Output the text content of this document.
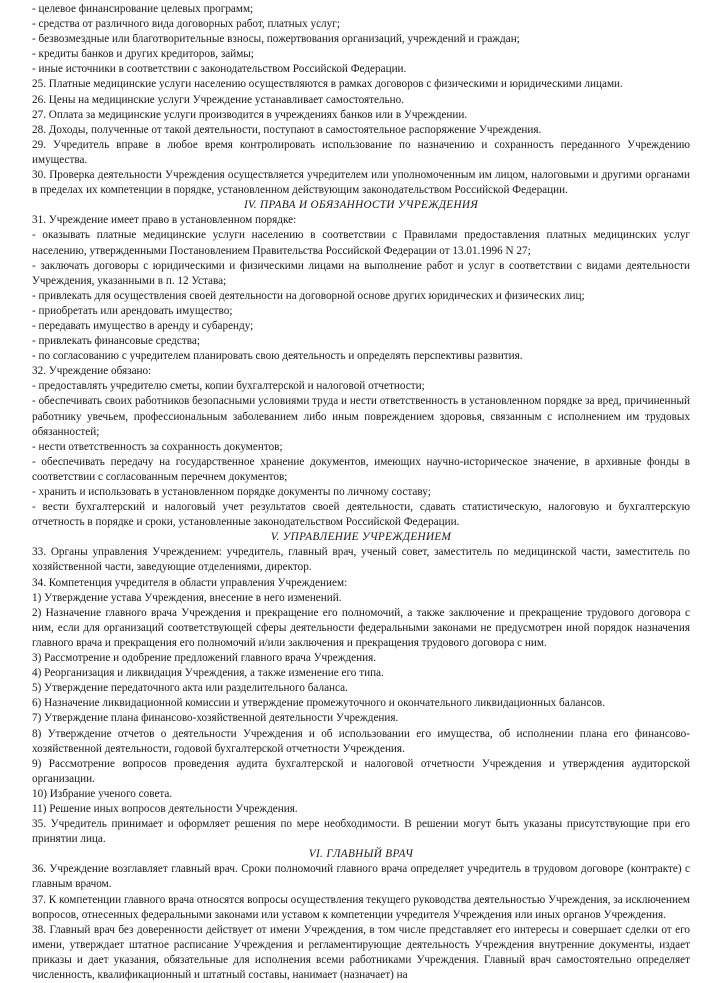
- целевое финансирование целевых программ;

- средства от различного вида договорных работ, платных услуг;

- безвозмездные или благотворительные взносы, пожертвования организаций, учреждений и граждан;

- кредиты банков и других кредиторов, займы;

- иные источники в соответствии с законодательством Российской Федерации.

25. Платные медицинские услуги населению осуществляются в рамках договоров с физическими и юридическими лицами.

26. Цены на медицинские услуги Учреждение устанавливает самостоятельно.

27. Оплата за медицинские услуги производится в учреждениях банков или в Учреждении.

28. Доходы, полученные от такой деятельности, поступают в самостоятельное распоряжение Учреждения.

29. Учредитель вправе в любое время контролировать использование по назначению и сохранность переданного Учреждению имущества.

30. Проверка деятельности Учреждения осуществляется учредителем или уполномоченным им лицом, налоговыми и другими органами в пределах их компетенции в порядке, установленном действующим законодательством Российской Федерации.

IV. ПРАВА И ОБЯЗАННОСТИ УЧРЕЖДЕНИЯ

31. Учреждение имеет право в установленном порядке:

- оказывать платные медицинские услуги населению в соответствии с Правилами предоставления платных медицинских услуг населению, утвержденными Постановлением Правительства Российской Федерации от 13.01.1996 N 27;

- заключать договоры с юридическими и физическими лицами на выполнение работ и услуг в соответствии с видами деятельности Учреждения, указанными в п. 12 Устава;

- привлекать для осуществления своей деятельности на договорной основе других юридических и физических лиц;

- приобретать или арендовать имущество;

- передавать имущество в аренду и субаренду;

- привлекать финансовые средства;

- по согласованию с учредителем планировать свою деятельность и определять перспективы развития.

32. Учреждение обязано:

- предоставлять учредителю сметы, копии бухгалтерской и налоговой отчетности;

- обеспечивать своих работников безопасными условиями труда и нести ответственность в установленном порядке за вред, причиненный работнику увечьем, профессиональным заболеванием либо иным повреждением здоровья, связанным с исполнением им трудовых обязанностей;

- нести ответственность за сохранность документов;

- обеспечивать передачу на государственное хранение документов, имеющих научно-историческое значение, в архивные фонды в соответствии с согласованным перечнем документов;

- хранить и использовать в установленном порядке документы по личному составу;

- вести бухгалтерский и налоговый учет результатов своей деятельности, сдавать статистическую, налоговую и бухгалтерскую отчетность в порядке и сроки, установленные законодательством Российской Федерации.

V. УПРАВЛЕНИЕ УЧРЕЖДЕНИЕМ

33. Органы управления Учреждением: учредитель, главный врач, ученый совет, заместитель по медицинской части, заместитель по хозяйственной части, заведующие отделениями, директор.

34. Компетенция учредителя в области управления Учреждением:

1) Утверждение устава Учреждения, внесение в него изменений.

2) Назначение главного врача Учреждения и прекращение его полномочий, а также заключение и прекращение трудового договора с ним, если для организаций соответствующей сферы деятельности федеральными законами не предусмотрен иной порядок назначения главного врача и прекращения его полномочий и/или заключения и прекращения трудового договора с ним.

3) Рассмотрение и одобрение предложений главного врача Учреждения.

4) Реорганизация и ликвидация Учреждения, а также изменение его типа.

5) Утверждение передаточного акта или разделительного баланса.

6) Назначение ликвидационной комиссии и утверждение промежуточного и окончательного ликвидационных балансов.

7) Утверждение плана финансово-хозяйственной деятельности Учреждения.

8) Утверждение отчетов о деятельности Учреждения и об использовании его имущества, об исполнении плана его финансово-хозяйственной деятельности, годовой бухгалтерской отчетности Учреждения.

9) Рассмотрение вопросов проведения аудита бухгалтерской и налоговой отчетности Учреждения и утверждения аудиторской организации.

10) Избрание ученого совета.

11) Решение иных вопросов деятельности Учреждения.

35. Учредитель принимает и оформляет решения по мере необходимости. В решении могут быть указаны присутствующие при его принятии лица.

VI. ГЛАВНЫЙ ВРАЧ

36. Учреждение возглавляет главный врач. Сроки полномочий главного врача определяет учредитель в трудовом договоре (контракте) с главным врачом.

37. К компетенции главного врача относятся вопросы осуществления текущего руководства деятельностью Учреждения, за исключением вопросов, отнесенных федеральными законами или уставом к компетенции учредителя Учреждения или иных органов Учреждения.

38. Главный врач без доверенности действует от имени Учреждения, в том числе представляет его интересы и совершает сделки от его имени, утверждает штатное расписание Учреждения и регламентирующие деятельность Учреждения внутренние документы, издает приказы и дает указания, обязательные для исполнения всеми работниками Учреждения. Главный врач самостоятельно определяет численность, квалификационный и штатный составы, нанимает (назначает) на
